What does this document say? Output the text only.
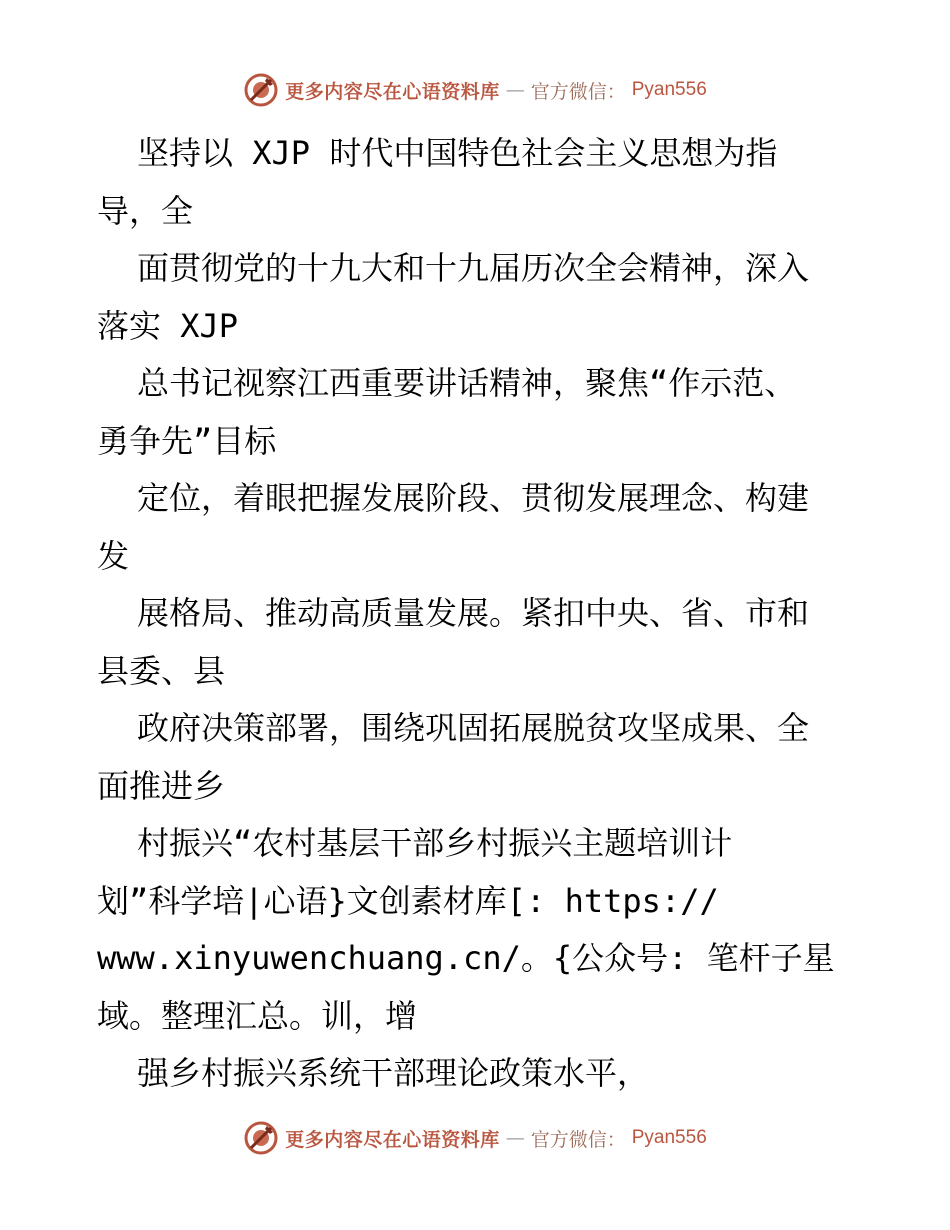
更多内容尽在心语资料库 — 官方微信： Pyan556
坚持以 XJP 时代中国特色社会主义思想为指
导，全
面贯彻党的十九大和十九届历次全会精神，深入
落实 XJP
总书记视察江西重要讲话精神，聚焦“作示范、
勇争先”目标
定位，着眼把握发展阶段、贯彻发展理念、构建
发
展格局、推动高质量发展。紧扣中央、省、市和
县委、县
政府决策部署，围绕巩固拓展脱贫攻坚成果、全
面推进乡
村振兴“农村基层干部乡村振兴主题培训计
划”科学培|心语}文创素材库[: https://
www.xinyuwenchuang.cn/。{公众号: 笔杆子星
域。整理汇总。训，增
强乡村振兴系统干部理论政策水平，
更多内容尽在心语资料库 — 官方微信： Pyan556
